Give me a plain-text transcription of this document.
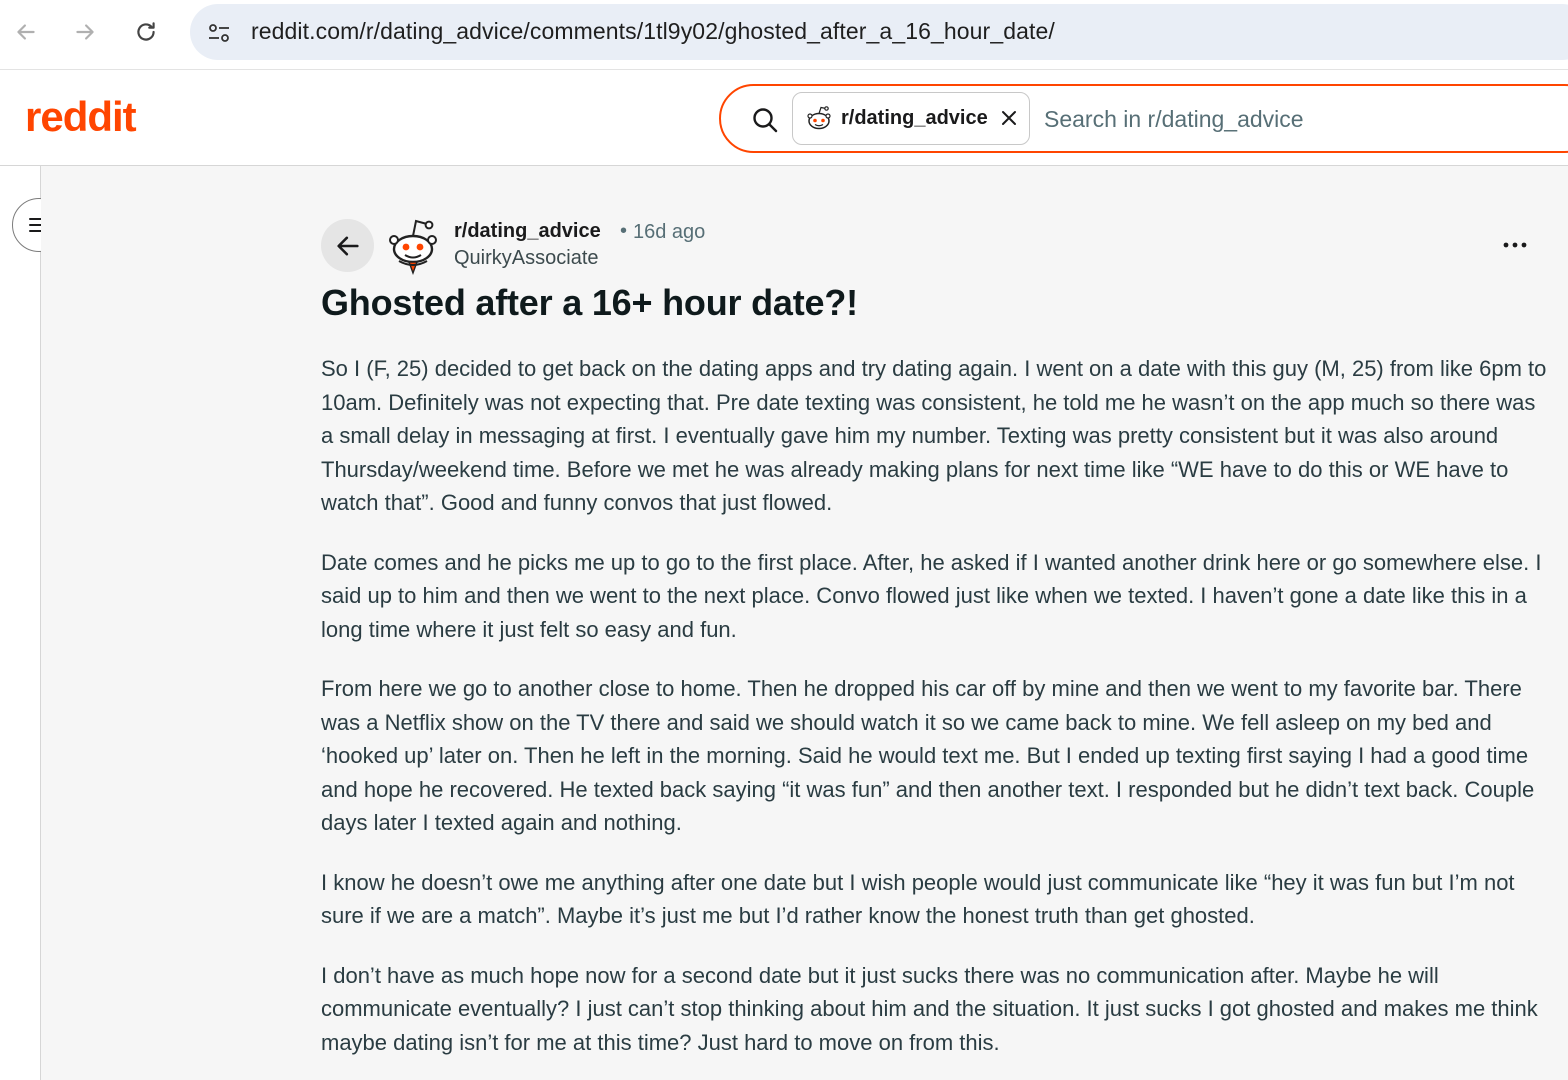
reddit.com/r/dating_advice/comments/1tl9y02/ghosted_after_a_16_hour_date/
reddit	r/dating_advice Search in r/dating_advice
r/dating_advice • 16d ago
QuirkyAssociate
Ghosted after a 16+ hour date?!

So I (F, 25) decided to get back on the dating apps and try dating again. I went on a date with this guy (M, 25) from like 6pm to 10am. Definitely was not expecting that. Pre date texting was consistent, he told me he wasn’t on the app much so there was a small delay in messaging at first. I eventually gave him my number. Texting was pretty consistent but it was also around Thursday/weekend time. Before we met he was already making plans for next time like “WE have to do this or WE have to watch that”. Good and funny convos that just flowed.

Date comes and he picks me up to go to the first place. After, he asked if I wanted another drink here or go somewhere else. I said up to him and then we went to the next place. Convo flowed just like when we texted. I haven’t gone a date like this in a long time where it just felt so easy and fun.

From here we go to another close to home. Then he dropped his car off by mine and then we went to my favorite bar. There was a Netflix show on the TV there and said we should watch it so we came back to mine. We fell asleep on my bed and ‘hooked up’ later on. Then he left in the morning. Said he would text me. But I ended up texting first saying I had a good time and hope he recovered. He texted back saying “it was fun” and then another text. I responded but he didn’t text back. Couple days later I texted again and nothing.

I know he doesn’t owe me anything after one date but I wish people would just communicate like “hey it was fun but I’m not sure if we are a match”. Maybe it’s just me but I’d rather know the honest truth than get ghosted.

I don’t have as much hope now for a second date but it just sucks there was no communication after. Maybe he will communicate eventually? I just can’t stop thinking about him and the situation. It just sucks I got ghosted and makes me think maybe dating isn’t for me at this time? Just hard to move on from this.
